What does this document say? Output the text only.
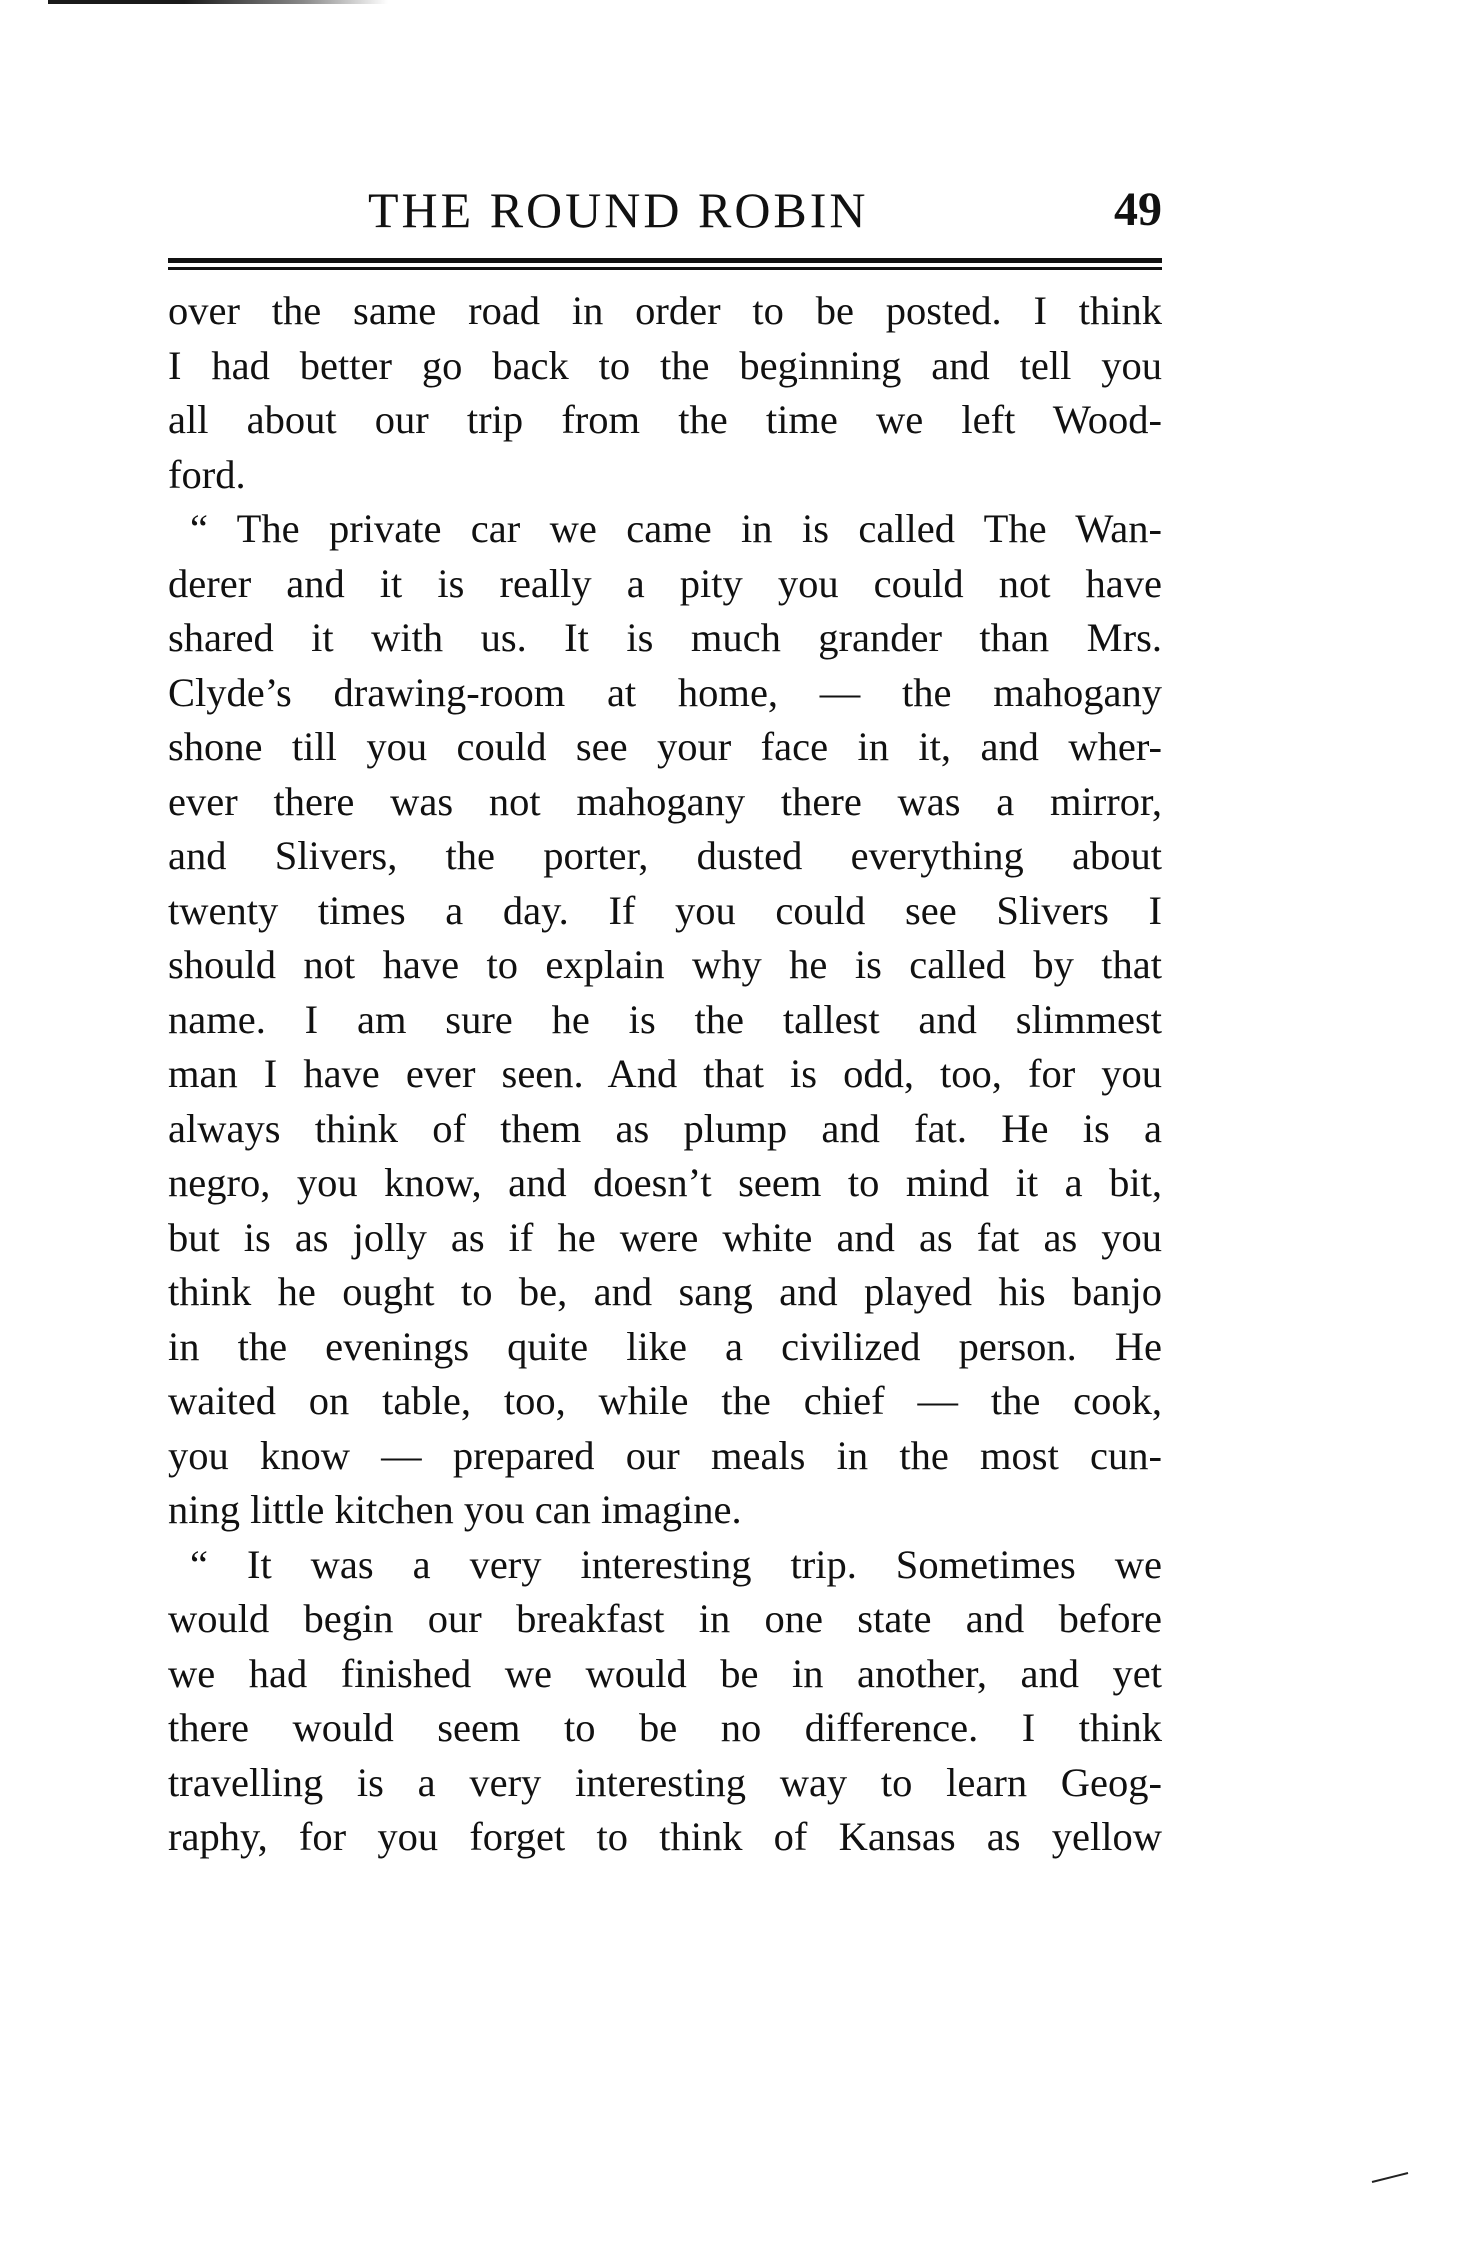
THE ROUND ROBIN	49
over the same road in order to be posted. I think
I had better go back to the beginning and tell you
all about our trip from the time we left Wood-
ford.
“ The private car we came in is called The Wan-
derer and it is really a pity you could not have
shared it with us. It is much grander than Mrs.
Clyde’s drawing-room at home, — the mahogany
shone till you could see your face in it, and wher-
ever there was not mahogany there was a mirror,
and Slivers, the porter, dusted everything about
twenty times a day. If you could see Slivers I
should not have to explain why he is called by that
name. I am sure he is the tallest and slimmest
man I have ever seen. And that is odd, too, for you
always think of them as plump and fat. He is a
negro, you know, and doesn’t seem to mind it a bit,
but is as jolly as if he were white and as fat as you
think he ought to be, and sang and played his banjo
in the evenings quite like a civilized person. He
waited on table, too, while the chief — the cook,
you know — prepared our meals in the most cun-
ning little kitchen you can imagine.
“ It was a very interesting trip. Sometimes we
would begin our breakfast in one state and before
we had finished we would be in another, and yet
there would seem to be no difference. I think
travelling is a very interesting way to learn Geog-
raphy, for you forget to think of Kansas as yellow
